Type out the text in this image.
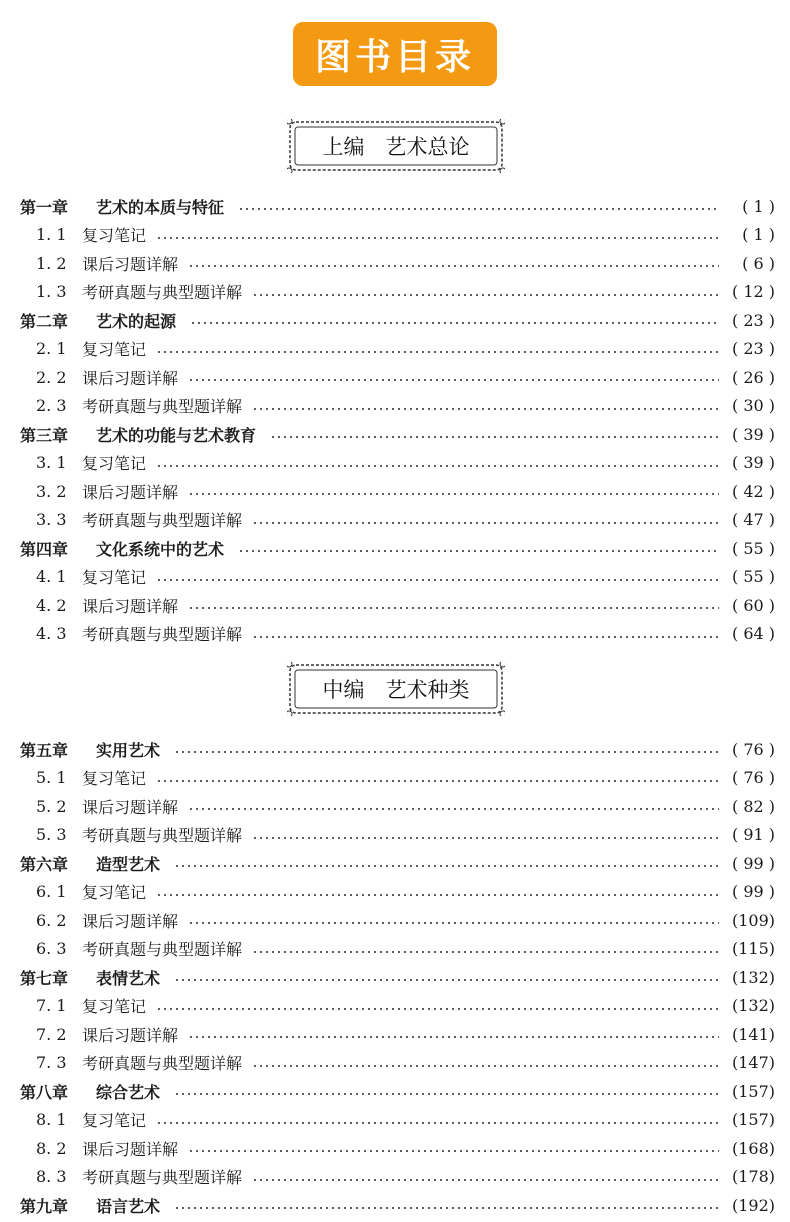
图书目录
上编　艺术总论
第一章	艺术的本质与特征	( 1 )
1. 1 复习笔记	( 1 )
1. 2 课后习题详解	( 6 )
1. 3 考研真题与典型题详解	( 12 )
第二章	艺术的起源	( 23 )
2. 1 复习笔记	( 23 )
2. 2 课后习题详解	( 26 )
2. 3 考研真题与典型题详解	( 30 )
第三章	艺术的功能与艺术教育	( 39 )
3. 1 复习笔记	( 39 )
3. 2 课后习题详解	( 42 )
3. 3 考研真题与典型题详解	( 47 )
第四章	文化系统中的艺术	( 55 )
4. 1 复习笔记	( 55 )
4. 2 课后习题详解	( 60 )
4. 3 考研真题与典型题详解	( 64 )
中编　艺术种类
第五章	实用艺术	( 76 )
5. 1 复习笔记	( 76 )
5. 2 课后习题详解	( 82 )
5. 3 考研真题与典型题详解	( 91 )
第六章	造型艺术	( 99 )
6. 1 复习笔记	( 99 )
6. 2 课后习题详解	(109)
6. 3 考研真题与典型题详解	(115)
第七章	表情艺术	(132)
7. 1 复习笔记	(132)
7. 2 课后习题详解	(141)
7. 3 考研真题与典型题详解	(147)
第八章	综合艺术	(157)
8. 1 复习笔记	(157)
8. 2 课后习题详解	(168)
8. 3 考研真题与典型题详解	(178)
第九章	语言艺术	(192)
